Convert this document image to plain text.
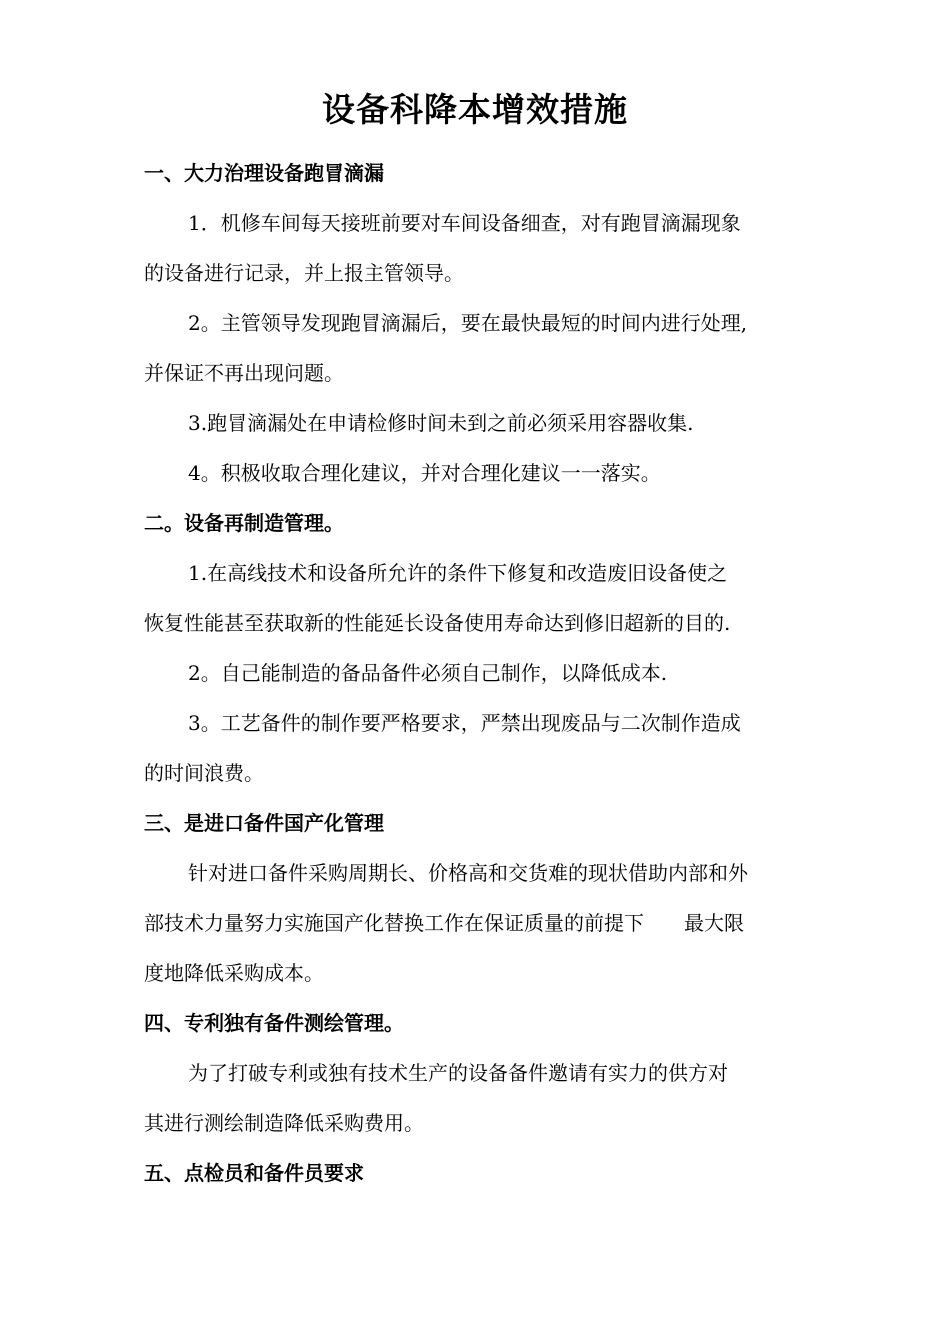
设备科降本增效措施
一、大力治理设备跑冒滴漏
1．机修车间每天接班前要对车间设备细查，对有跑冒滴漏现象
的设备进行记录，并上报主管领导。
2。主管领导发现跑冒滴漏后，要在最快最短的时间内进行处理,
并保证不再出现问题。
3.跑冒滴漏处在申请检修时间未到之前必须采用容器收集.
4。积极收取合理化建议，并对合理化建议一一落实。
二。设备再制造管理。
1.在高线技术和设备所允许的条件下修复和改造废旧设备使之
恢复性能甚至获取新的性能延长设备使用寿命达到修旧超新的目的.
2。自己能制造的备品备件必须自己制作，以降低成本.
3。工艺备件的制作要严格要求，严禁出现废品与二次制作造成
的时间浪费。
三、是进口备件国产化管理
针对进口备件采购周期长、价格高和交货难的现状借助内部和外
部技术力量努力实施国产化替换工作在保证质量的前提下　　最大限
度地降低采购成本。
四、专利独有备件测绘管理。
为了打破专利或独有技术生产的设备备件邀请有实力的供方对
其进行测绘制造降低采购费用。
五、点检员和备件员要求
